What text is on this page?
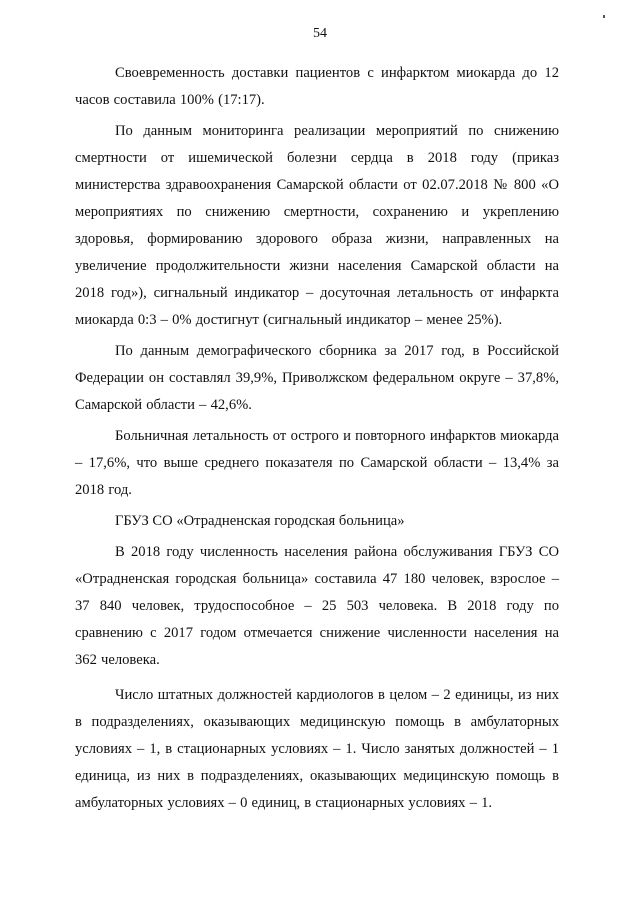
54

Своевременность доставки пациентов с инфарктом миокарда до 12 часов составила 100% (17:17).

По данным мониторинга реализации мероприятий по снижению смертности от ишемической болезни сердца в 2018 году (приказ министерства здравоохранения Самарской области от 02.07.2018 № 800 «О мероприятиях по снижению смертности, сохранению и укреплению здоровья, формированию здорового образа жизни, направленных на увеличение продолжительности жизни населения Самарской области на 2018 год»), сигнальный индикатор – досуточная летальность от инфаркта миокарда 0:3 – 0% достигнут (сигнальный индикатор – менее 25%).

По данным демографического сборника за 2017 год, в Российской Федерации он составлял 39,9%, Приволжском федеральном округе – 37,8%, Самарской области – 42,6%.

Больничная летальность от острого и повторного инфарктов миокарда – 17,6%, что выше среднего показателя по Самарской области – 13,4% за 2018 год.

ГБУЗ СО «Отрадненская городская больница»

В 2018 году численность населения района обслуживания ГБУЗ СО «Отрадненская городская больница» составила 47 180 человек, взрослое – 37 840 человек, трудоспособное – 25 503 человека. В 2018 году по сравнению с 2017 годом отмечается снижение численности населения на 362 человека.

Число штатных должностей кардиологов в целом – 2 единицы, из них в подразделениях, оказывающих медицинскую помощь в амбулаторных условиях – 1, в стационарных условиях – 1. Число занятых должностей – 1 единица, из них в подразделениях, оказывающих медицинскую помощь в амбулаторных условиях – 0 единиц, в стационарных условиях – 1.
